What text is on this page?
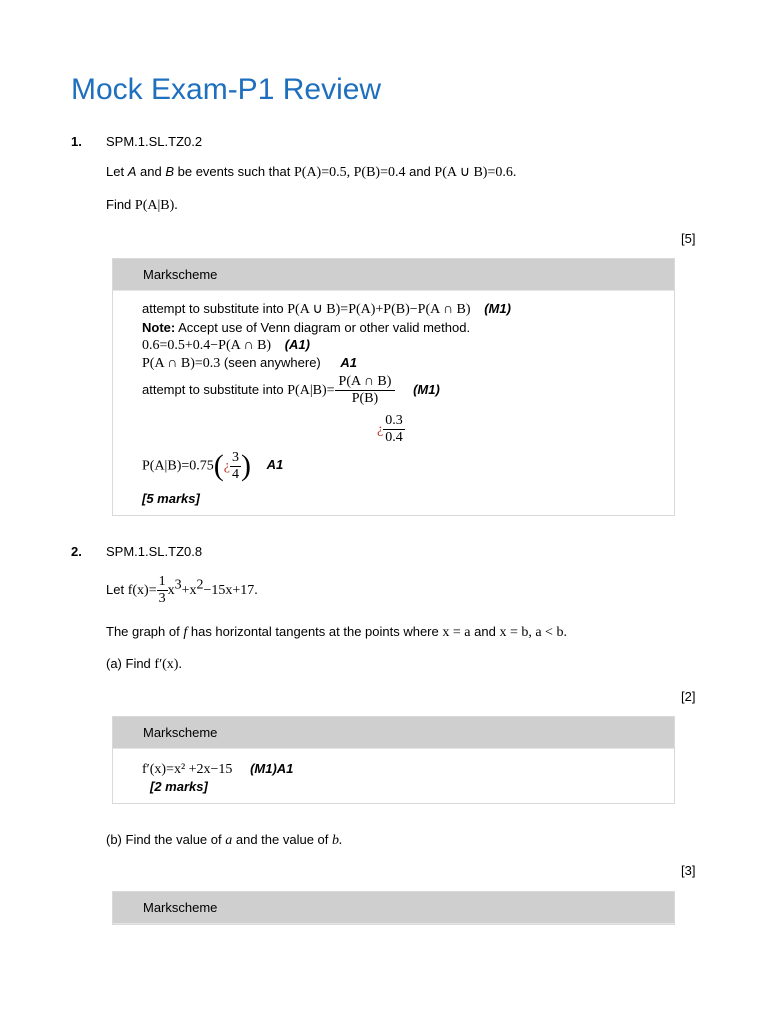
Mock Exam-P1 Review
1. SPM.1.SL.TZ0.2
Let A and B be events such that P(A)=0.5, P(B)=0.4 and P(A ∪ B)=0.6.
Find P(A|B).
[5]
Markscheme
attempt to substitute into P(A ∪ B)=P(A)+P(B)−P(A ∩ B) (M1)
Note: Accept use of Venn diagram or other valid method.
0.6=0.5+0.4−P(A ∩ B) (A1)
P(A ∩ B)=0.3 (seen anywhere) A1
attempt to substitute into $P(A|B)= \frac{P(A \cap B)}{P(B)} (M1)$
¿ $\frac{0.3}{0.4}$
P(A|B)=0.75(¿ $\frac{3}{4}$ ) A1
[5 marks]
2. SPM.1.SL.TZ0.8
Let $f(x)= \frac{1}{3} x^3+x^2-15x+17$.
The graph of f has horizontal tangents at the points where x = a and x = b, a < b.
(a) Find f′(x).
[2]
Markscheme
f′(x)=x² +2x−15 (M1)A1
[2 marks]
(b) Find the value of a and the value of b.
[3]
Markscheme
